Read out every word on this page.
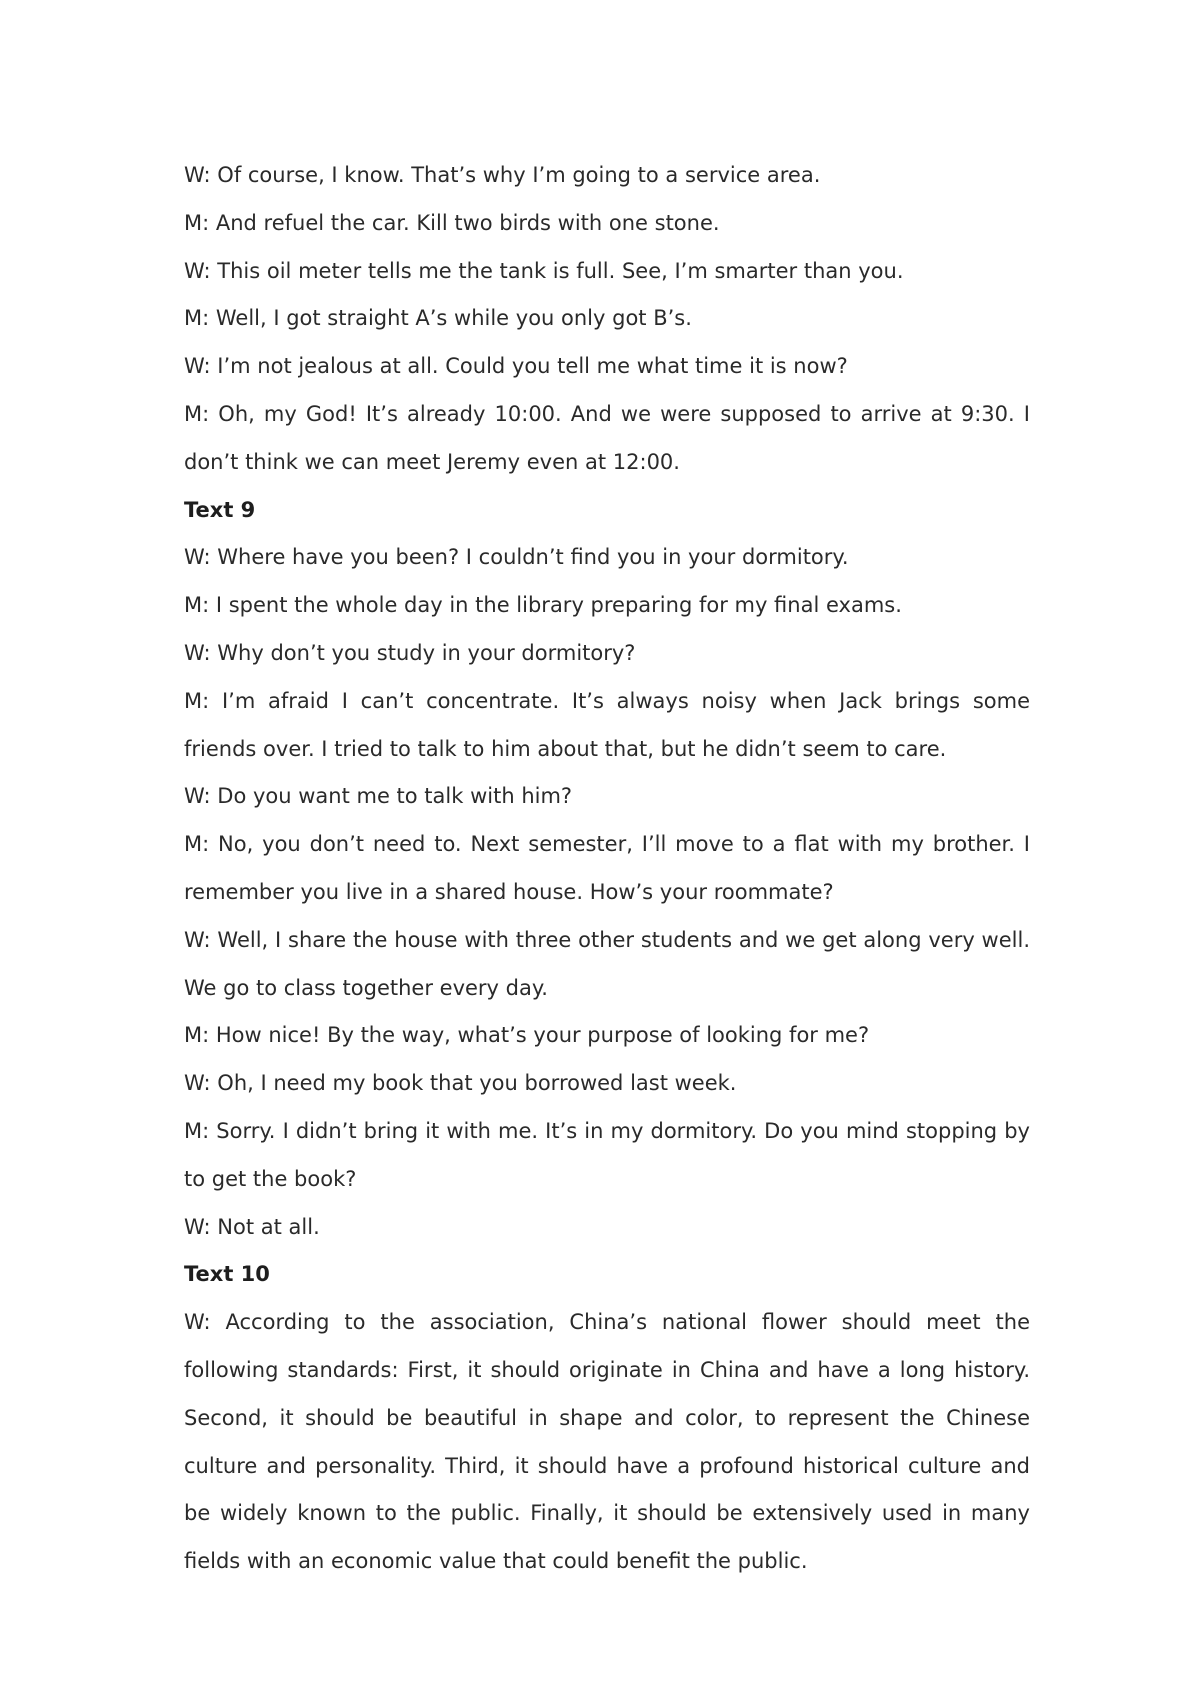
W: Of course, I know. That’s why I’m going to a service area.

M: And refuel the car. Kill two birds with one stone.

W: This oil meter tells me the tank is full. See, I’m smarter than you.

M: Well, I got straight A’s while you only got B’s.

W: I’m not jealous at all. Could you tell me what time it is now?

M: Oh, my God! It’s already 10:00. And we were supposed to arrive at 9:30. I don’t think we can meet Jeremy even at 12:00.

Text 9

W: Where have you been? I couldn’t find you in your dormitory.

M: I spent the whole day in the library preparing for my final exams.

W: Why don’t you study in your dormitory?

M: I’m afraid I can’t concentrate. It’s always noisy when Jack brings some friends over. I tried to talk to him about that, but he didn’t seem to care.

W: Do you want me to talk with him?

M: No, you don’t need to. Next semester, I’ll move to a flat with my brother. I remember you live in a shared house. How’s your roommate?

W: Well, I share the house with three other students and we get along very well. We go to class together every day.

M: How nice! By the way, what’s your purpose of looking for me?

W: Oh, I need my book that you borrowed last week.

M: Sorry. I didn’t bring it with me. It’s in my dormitory. Do you mind stopping by to get the book?

W: Not at all.

Text 10

W: According to the association, China’s national flower should meet the following standards: First, it should originate in China and have a long history. Second, it should be beautiful in shape and color, to represent the Chinese culture and personality. Third, it should have a profound historical culture and be widely known to the public. Finally, it should be extensively used in many fields with an economic value that could benefit the public.
